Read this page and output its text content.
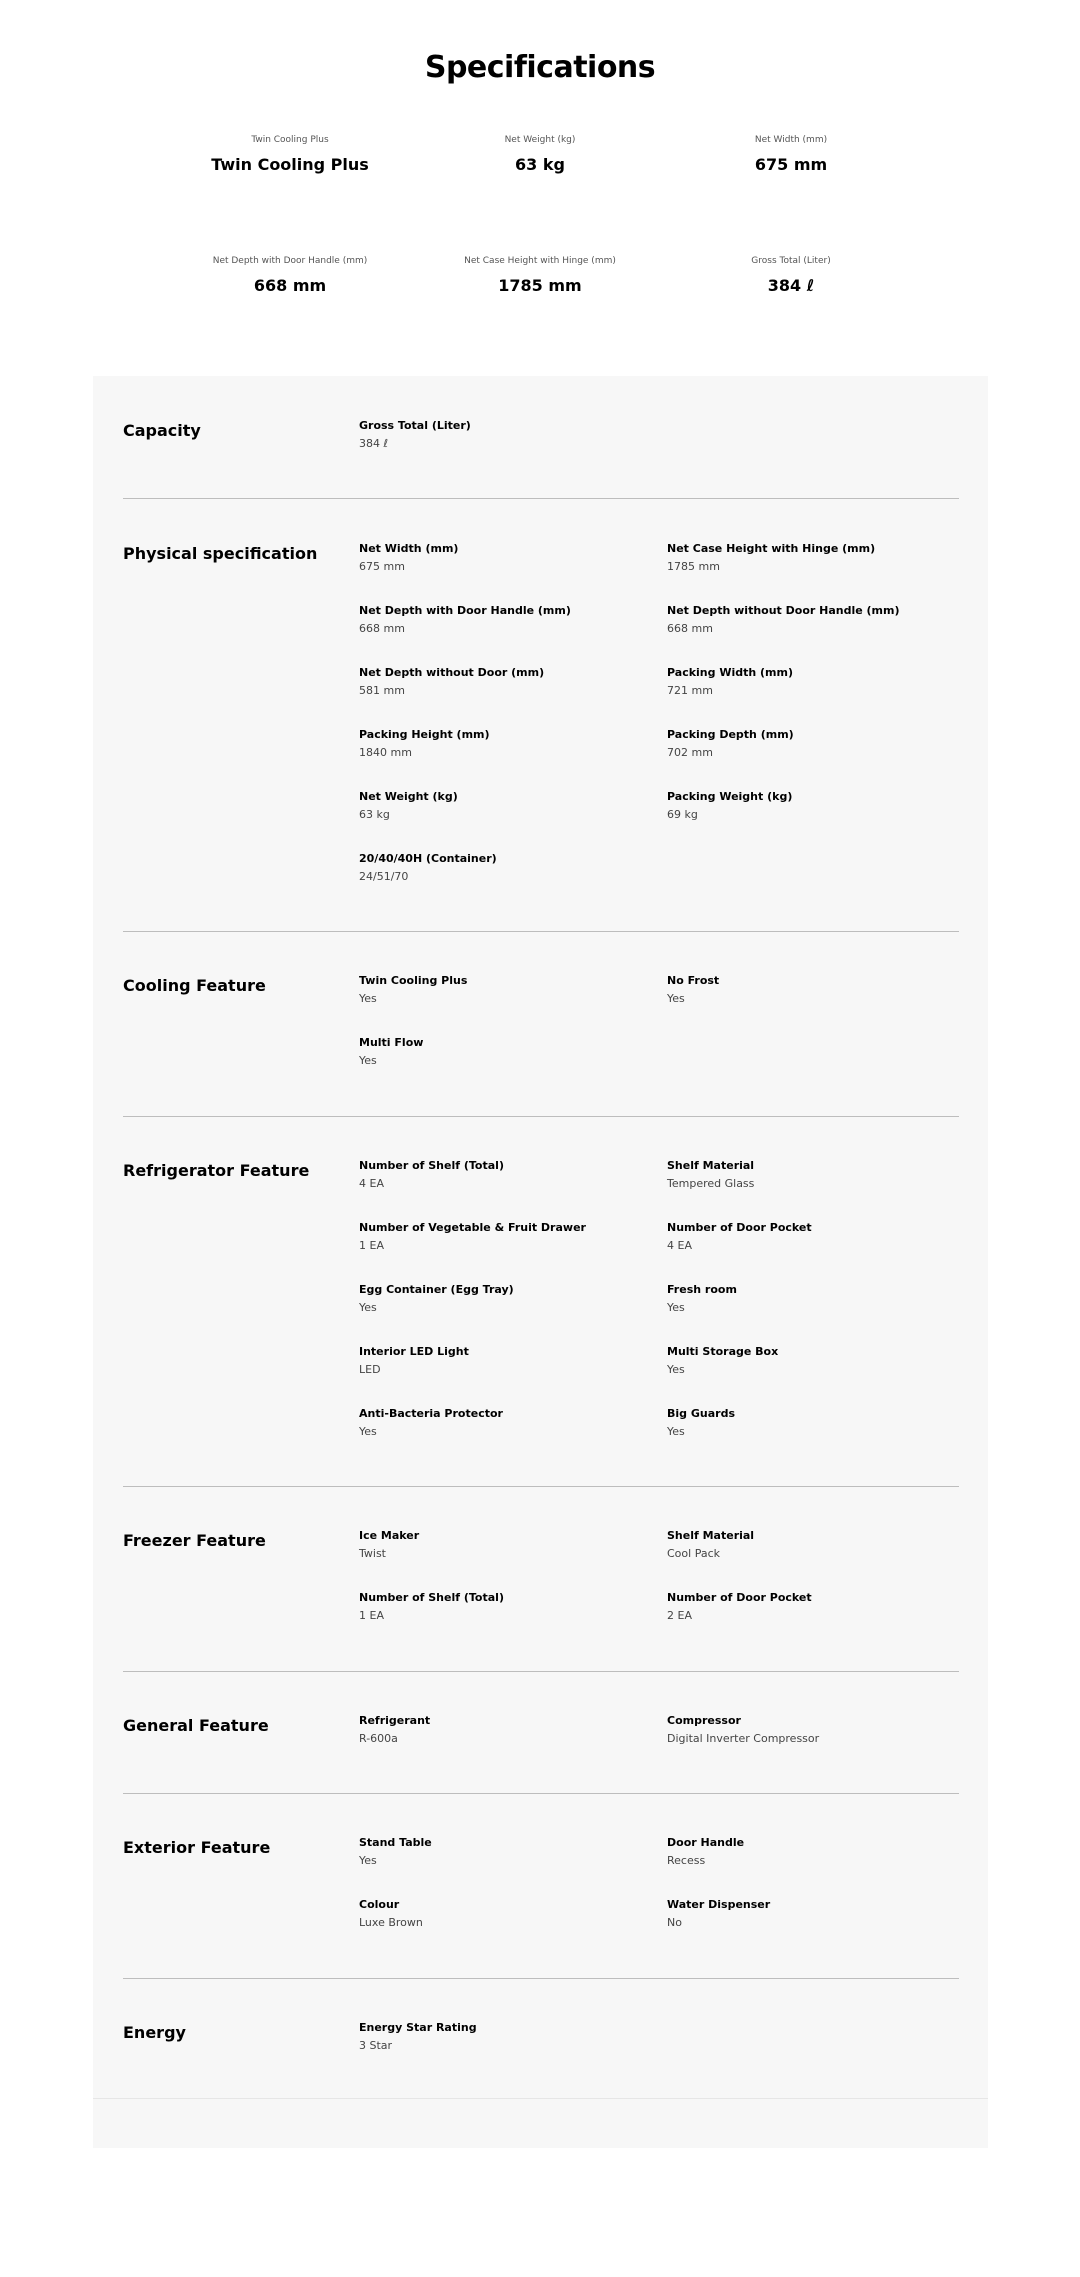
Specifications
Twin Cooling Plus
Twin Cooling Plus
Net Weight (kg)
63 kg
Net Width (mm)
675 mm
Net Depth with Door Handle (mm)
668 mm
Net Case Height with Hinge (mm)
1785 mm
Gross Total (Liter)
384 ℓ
Capacity	Gross Total (Liter)
384 ℓ
Physical specification	Net Width (mm)
675 mm
Net Case Height with Hinge (mm)
1785 mm
Net Depth with Door Handle (mm)
668 mm
Net Depth without Door Handle (mm)
668 mm
Net Depth without Door (mm)
581 mm
Packing Width (mm)
721 mm
Packing Height (mm)
1840 mm
Packing Depth (mm)
702 mm
Net Weight (kg)
63 kg
Packing Weight (kg)
69 kg
20/40/40H (Container)
24/51/70
Cooling Feature	Twin Cooling Plus
Yes
No Frost
Yes
Multi Flow
Yes
Refrigerator Feature	Number of Shelf (Total)
4 EA
Shelf Material
Tempered Glass
Number of Vegetable & Fruit Drawer
1 EA
Number of Door Pocket
4 EA
Egg Container (Egg Tray)
Yes
Fresh room
Yes
Interior LED Light
LED
Multi Storage Box
Yes
Anti-Bacteria Protector
Yes
Big Guards
Yes
Freezer Feature	Ice Maker
Twist
Shelf Material
Cool Pack
Number of Shelf (Total)
1 EA
Number of Door Pocket
2 EA
General Feature	Refrigerant
R-600a
Compressor
Digital Inverter Compressor
Exterior Feature	Stand Table
Yes
Door Handle
Recess
Colour
Luxe Brown
Water Dispenser
No
Energy	Energy Star Rating
3 Star
